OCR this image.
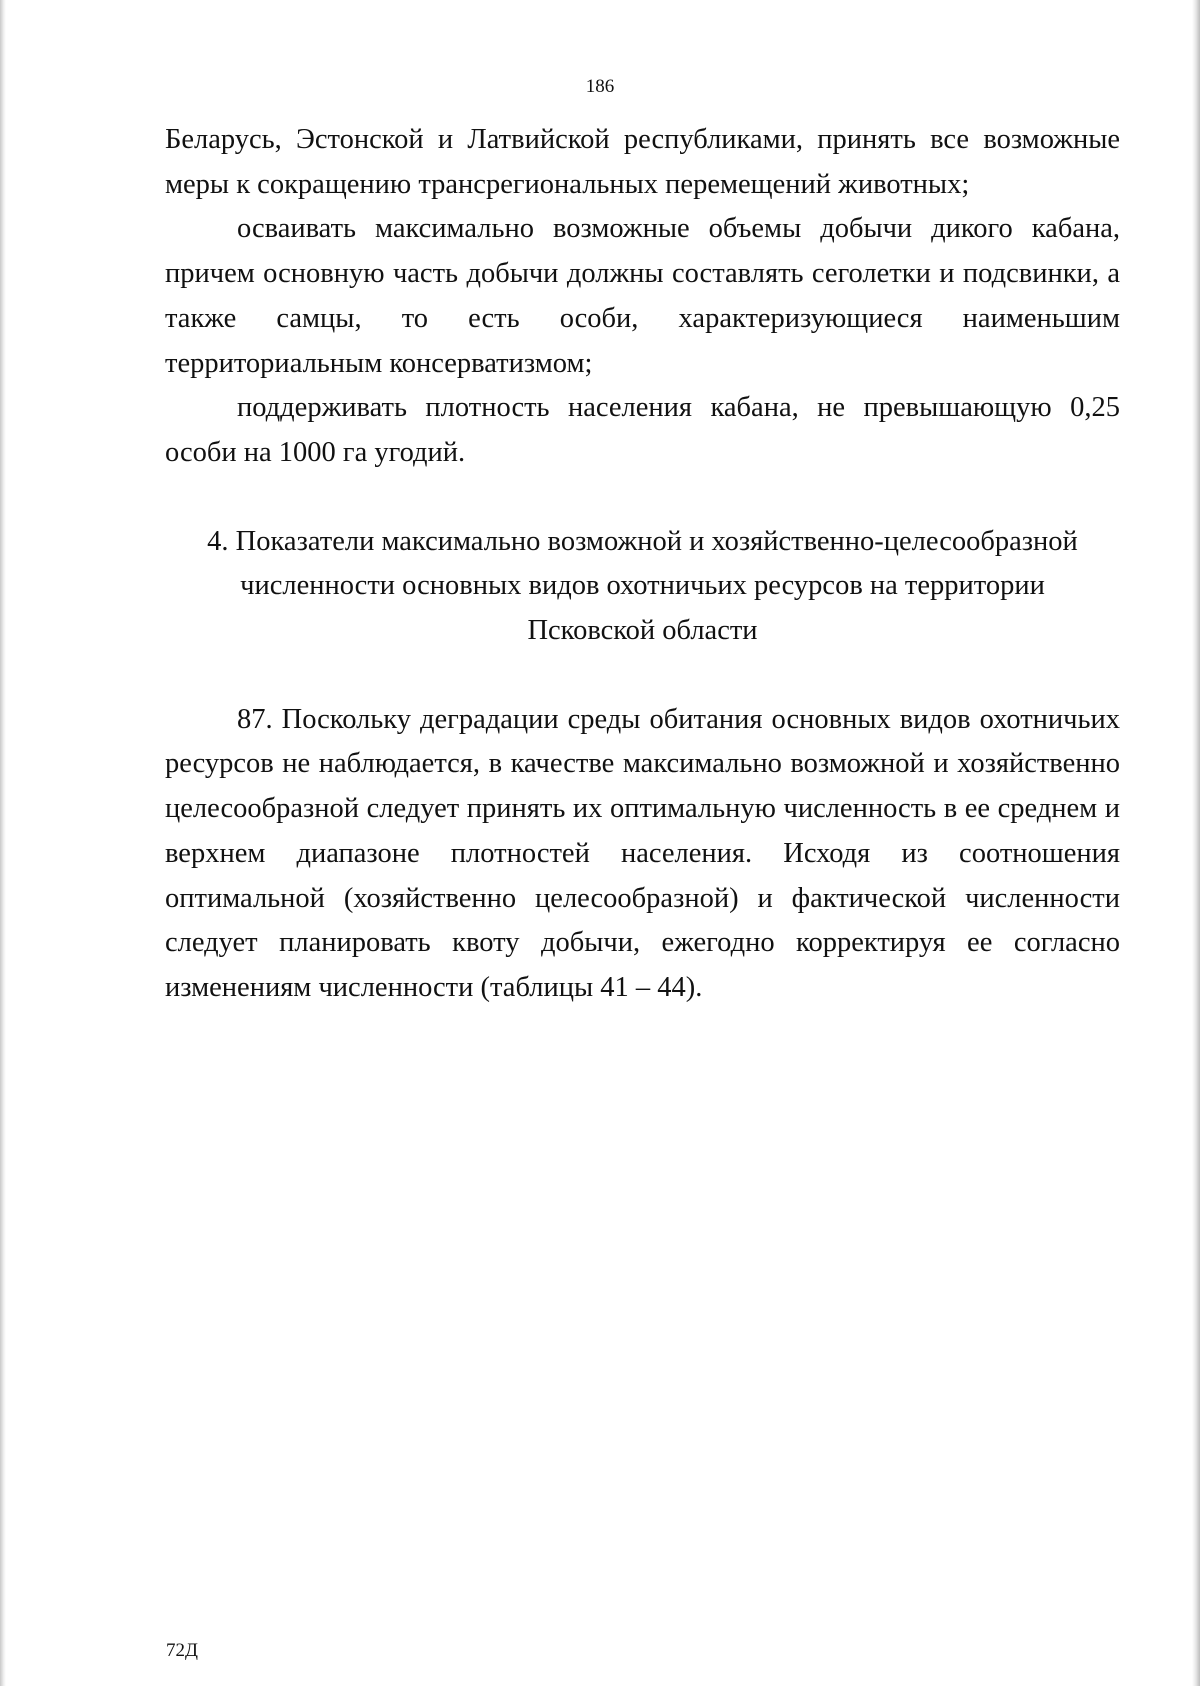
186

Беларусь, Эстонской и Латвийской республиками, принять все возможные меры к сокращению трансрегиональных перемещений животных;

осваивать максимально возможные объемы добычи дикого кабана, причем основную часть добычи должны составлять сеголетки и подсвинки, а также самцы, то есть особи, характеризующиеся наименьшим территориальным консерватизмом;

поддерживать плотность населения кабана, не превышающую 0,25 особи на 1000 га угодий.

4. Показатели максимально возможной и хозяйственно-целесообразной
численности основных видов охотничьих ресурсов на территории
Псковской области

87. Поскольку деградации среды обитания основных видов охотничьих ресурсов не наблюдается, в качестве максимально возможной и хозяйственно целесообразной следует принять их оптимальную численность в ее среднем и верхнем диапазоне плотностей населения. Исходя из соотношения оптимальной (хозяйственно целесообразной) и фактической численности следует планировать квоту добычи, ежегодно корректируя ее согласно изменениям численности (таблицы 41 – 44).

72Д
